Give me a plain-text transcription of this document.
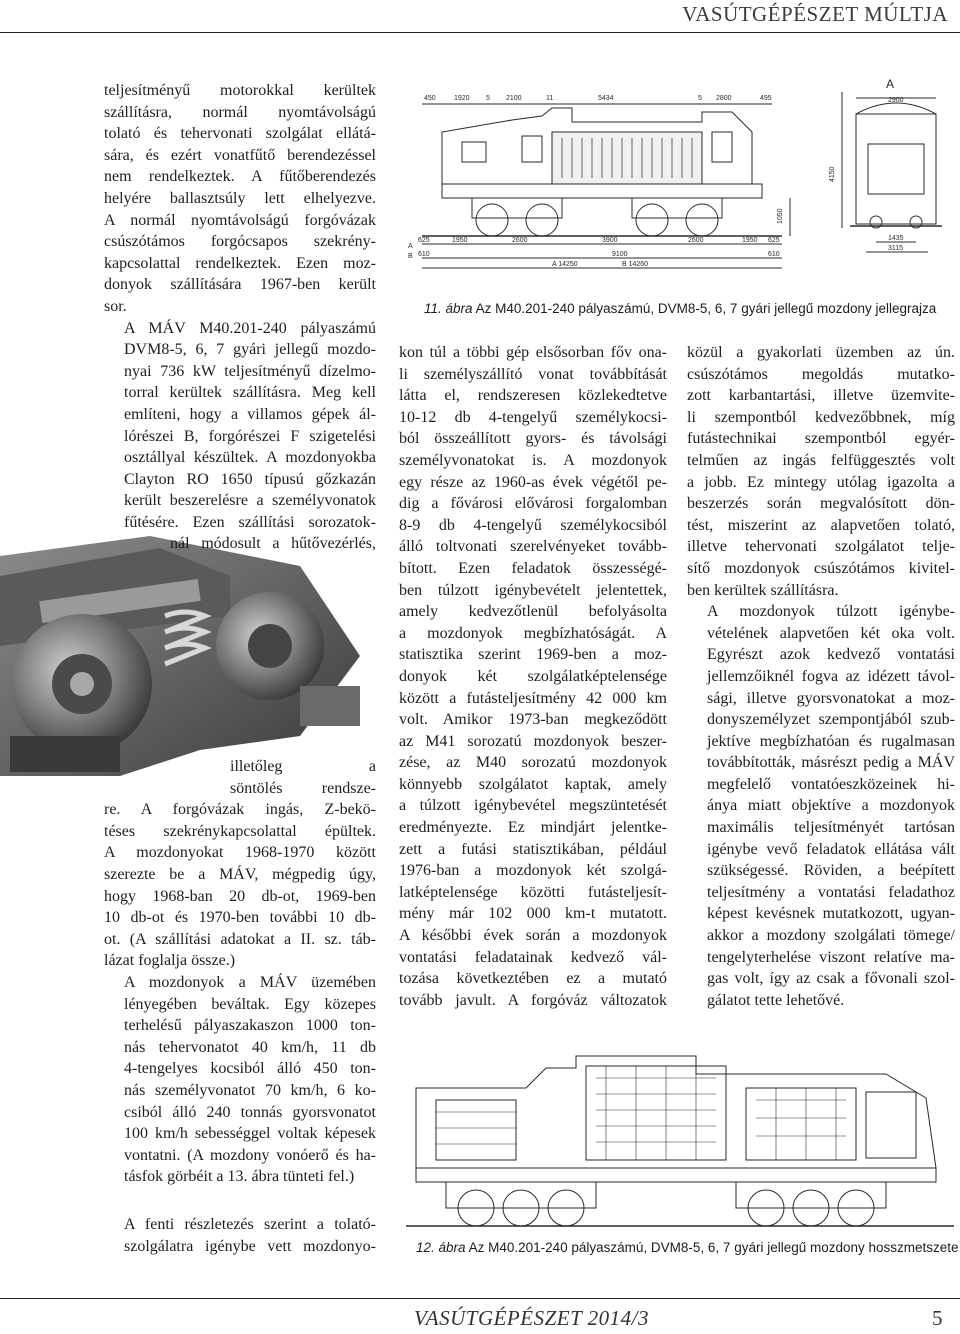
VASÚTGÉPÉSZET MÚLTJA

teljesítményű motorokkal kerültek
szállításra, normál nyomtávolságú
tolató és tehervonati szolgálat ellátá-
sára, és ezért vonatfűtő berendezéssel
nem rendelkeztek. A fűtőberendezés
helyére ballasztsúly lett elhelyezve.
A normál nyomtávolságú forgóvázak
csúszótámos forgócsapos szekrény-
kapcsolattal rendelkeztek. Ezen moz-
donyok szállítására 1967-ben került
sor.

A MÁV M40.201-240 pályaszámú
DVM8-5, 6, 7 gyári jellegű mozdo-
nyai 736 kW teljesítményű dízelmo-
torral kerültek szállításra. Meg kell
említeni, hogy a villamos gépek ál-
lórészei B, forgórészei F szigetelési
osztállyal készültek. A mozdonyokba
Clayton RO 1650 típusú gőzkazán
került beszerelésre a személyvonatok
fűtésére. Ezen szállítási sorozatok-
nál módosult a hűtővezérlés,

illetőleg a
söntölés rendsze-

re. A forgóvázak ingás, Z-bekö-
téses szekrénykapcsolattal épültek.
A mozdonyokat 1968-1970 között
szerezte be a MÁV, mégpedig úgy,
hogy 1968-ban 20 db-ot, 1969-ben
10 db-ot és 1970-ben további 10 db-
ot. (A szállítási adatokat a II. sz. táb-
lázat foglalja össze.)

A mozdonyok a MÁV üzemében
lényegében beváltak. Egy közepes
terhelésű pályaszakaszon 1000 ton-
nás tehervonatot 40 km/h, 11 db
4-tengelyes kocsiból álló 450 ton-
nás személyvonatot 70 km/h, 6 ko-
csiból álló 240 tonnás gyorsvonatot
100 km/h sebességgel voltak képesek
vontatni. (A mozdony vonóerő és ha-
tásfok görbéit a 13. ábra tünteti fel.)

A fenti részletezés szerint a tolató-
szolgálatra igénybe vett mozdonyo-

A
B
1050
4150
A
2900
1435
3115
450	1920 5 2100	11	5434	5 2800	495
625	1950	2600	3900	2600	1950 625
610	9100	610
A 14250	B 14260
11. ábra Az M40.201-240 pályaszámú, DVM8-5, 6, 7 gyári jellegű mozdony jellegrajza

kon túl a többi gép elsősorban főv ona-
li személyszállító vonat továbbítását
látta el, rendszeresen közlekedtetve
10-12 db 4-tengelyű személykocsi-
ból összeállított gyors- és távolsági
személyvonatokat is. A mozdonyok
egy része az 1960-as évek végétől pe-
dig a fővárosi elővárosi forgalomban
8-9 db 4-tengelyű személykocsiból
álló toltvonati szerelvényeket tovább-
bított. Ezen feladatok összességé-
ben túlzott igénybevételt jelentettek,
amely kedvezőtlenül befolyásolta
a mozdonyok megbízhatóságát. A
statisztika szerint 1969-ben a moz-
donyok két szolgálatképtelensége
között a futásteljesítmény 42 000 km
volt. Amikor 1973-ban megkeződött
az M41 sorozatú mozdonyok beszer-
zése, az M40 sorozatú mozdonyok
könnyebb szolgálatot kaptak, amely
a túlzott igénybevétel megszüntetését
eredményezte. Ez mindjárt jelentke-
zett a futási statisztikában, például
1976-ban a mozdonyok két szolgá-
latképtelensége közötti futásteljesít-
mény már 102 000 km-t mutatott.
A későbbi évek során a mozdonyok
vontatási feladatainak kedvező vál-
tozása következtében ez a mutató
tovább javult. A forgóváz változatok

közül a gyakorlati üzemben az ún.
csúszótámos megoldás mutatko-
zott karbantartási, illetve üzemvite-
li szempontból kedvezőbbnek, míg
futástechnikai szempontból egyér-
telműen az ingás felfüggesztés volt
a jobb. Ez mintegy utólag igazolta a
beszerzés során megvalósított dön-
tést, miszerint az alapvetően tolató,
illetve tehervonati szolgálatot telje-
sítő mozdonyok csúszótámos kivitel-
ben kerültek szállításra.

A mozdonyok túlzott igénybe-
vételének alapvetően két oka volt.
Egyrészt azok kedvező vontatási
jellemzőiknél fogva az idézett távol-
sági, illetve gyorsvonatokat a moz-
donyszemélyzet szempontjából szub-
jektíve megbízhatóan és rugalmasan
továbbították, másrészt pedig a MÁV
megfelelő vontatóeszközeinek hi-
ánya miatt objektíve a mozdonyok
maximális teljesítményét tartósan
igénybe vevő feladatok ellátása vált
szükségessé. Röviden, a beépített
teljesítmény a vontatási feladathoz
képest kevésnek mutatkozott, ugyan-
akkor a mozdony szolgálati tömege/
tengelyterhelése viszont relatíve ma-
gas volt, így az csak a fővonali szol-
gálatot tette lehetővé.

12. ábra Az M40.201-240 pályaszámú, DVM8-5, 6, 7 gyári jellegű mozdony hosszmetszete
VASÚTGÉPÉSZET 2014/3	5
